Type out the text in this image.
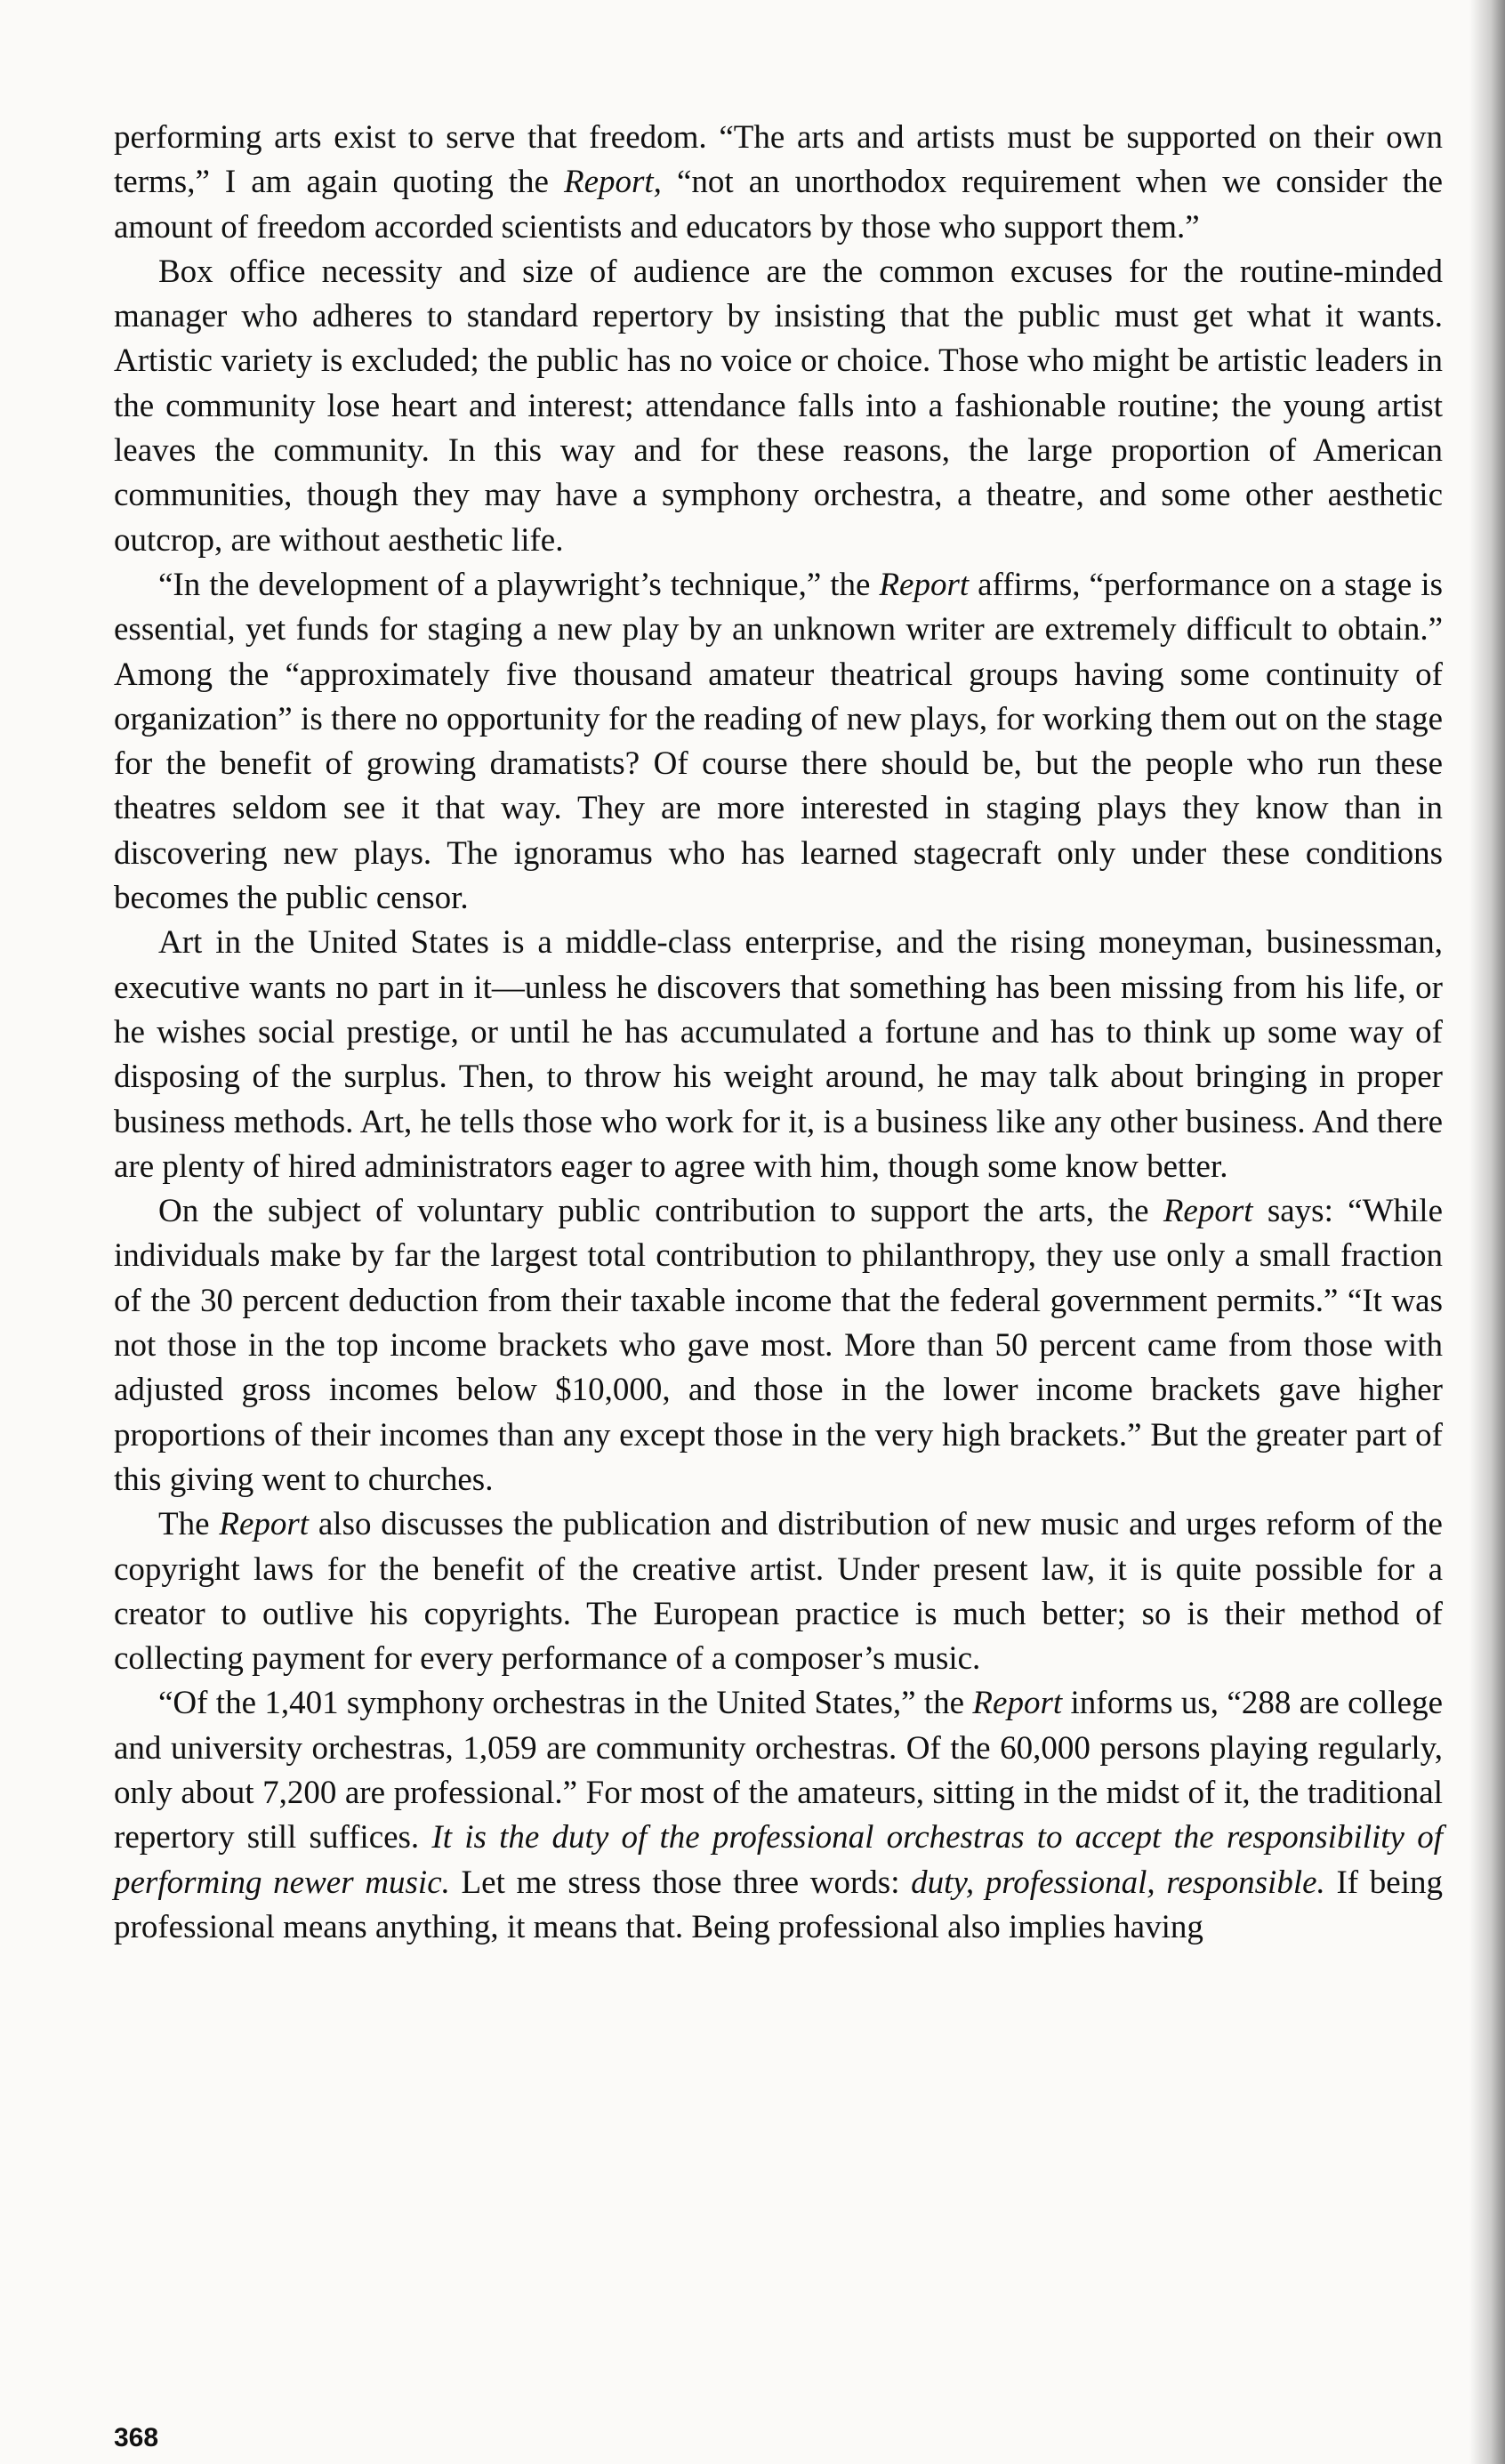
performing arts exist to serve that freedom. “The arts and artists must be supported on their own terms,” I am again quoting the Report, “not an unorthodox requirement when we consider the amount of freedom accorded scientists and educators by those who support them.”

Box office necessity and size of audience are the common excuses for the routine-minded manager who adheres to standard repertory by insisting that the public must get what it wants. Artistic variety is excluded; the public has no voice or choice. Those who might be artistic leaders in the community lose heart and interest; attendance falls into a fashionable routine; the young artist leaves the community. In this way and for these reasons, the large proportion of American communities, though they may have a symphony orchestra, a theatre, and some other aesthetic outcrop, are without aesthetic life.

“In the development of a playwright’s technique,” the Report affirms, “performance on a stage is essential, yet funds for staging a new play by an unknown writer are extremely difficult to obtain.” Among the “approximately five thousand amateur theatrical groups having some continuity of organization” is there no opportunity for the reading of new plays, for working them out on the stage for the benefit of growing dramatists? Of course there should be, but the people who run these theatres seldom see it that way. They are more interested in staging plays they know than in discovering new plays. The ignoramus who has learned stagecraft only under these conditions becomes the public censor.

Art in the United States is a middle-class enterprise, and the rising moneyman, businessman, executive wants no part in it—unless he discovers that something has been missing from his life, or he wishes social prestige, or until he has accumulated a fortune and has to think up some way of disposing of the surplus. Then, to throw his weight around, he may talk about bringing in proper business methods. Art, he tells those who work for it, is a business like any other business. And there are plenty of hired administrators eager to agree with him, though some know better.

On the subject of voluntary public contribution to support the arts, the Report says: “While individuals make by far the largest total contribution to philanthropy, they use only a small fraction of the 30 percent deduction from their taxable income that the federal government permits.” “It was not those in the top income brackets who gave most. More than 50 percent came from those with adjusted gross incomes below $10,000, and those in the lower income brackets gave higher proportions of their incomes than any except those in the very high brackets.” But the greater part of this giving went to churches.

The Report also discusses the publication and distribution of new music and urges reform of the copyright laws for the benefit of the creative artist. Under present law, it is quite possible for a creator to outlive his copyrights. The European practice is much better; so is their method of collecting payment for every performance of a composer’s music.

“Of the 1,401 symphony orchestras in the United States,” the Report informs us, “288 are college and university orchestras, 1,059 are community orchestras. Of the 60,000 persons playing regularly, only about 7,200 are professional.” For most of the amateurs, sitting in the midst of it, the traditional repertory still suffices. It is the duty of the professional orchestras to accept the responsibility of performing newer music. Let me stress those three words: duty, professional, responsible. If being professional means anything, it means that. Being professional also implies having

368
